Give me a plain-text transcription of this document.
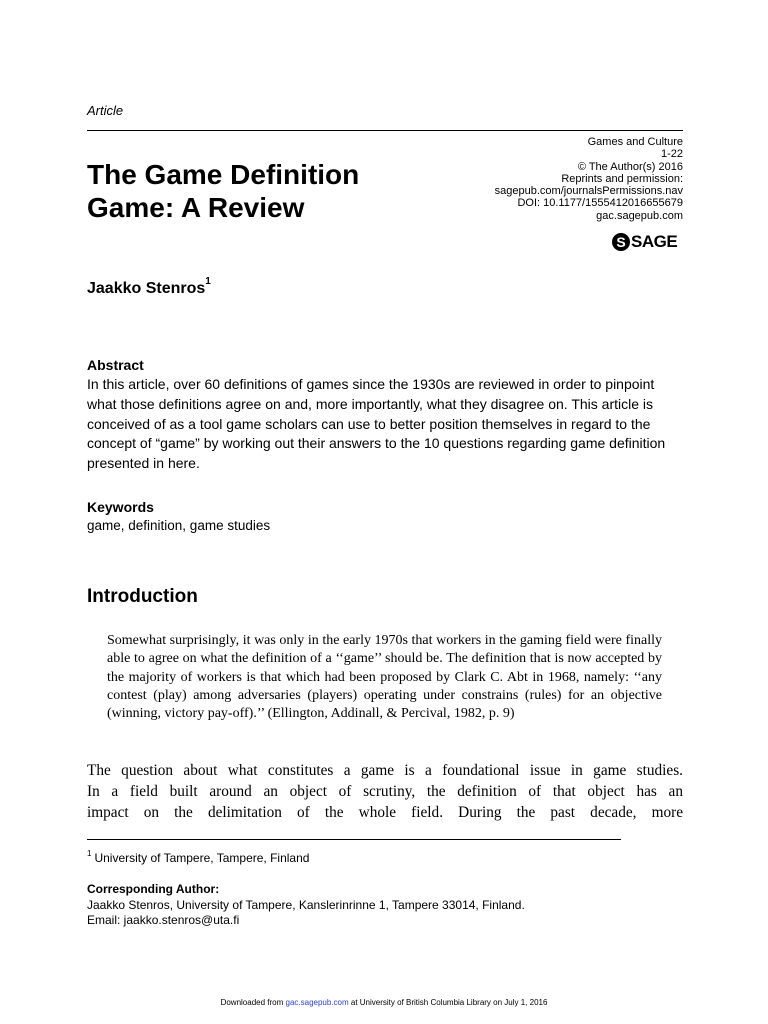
Article
The Game Definition
Game: A Review
Games and Culture
1-22
© The Author(s) 2016
Reprints and permission:
sagepub.com/journalsPermissions.nav
DOI: 10.1177/1555412016655679
gac.sagepub.com
S SAGE
Jaakko Stenros$^1$
Abstract
In this article, over 60 definitions of games since the 1930s are reviewed in order to pinpoint what those definitions agree on and, more importantly, what they disagree on. This article is conceived of as a tool game scholars can use to better position themselves in regard to the concept of “game” by working out their answers to the 10 questions regarding game definition presented in here.
Keywords
game, definition, game studies
Introduction
Somewhat surprisingly, it was only in the early 1970s that workers in the gaming field were finally able to agree on what the definition of a ‘‘game’’ should be. The definition that is now accepted by the majority of workers is that which had been proposed by Clark C. Abt in 1968, namely: ‘‘any contest (play) among adversaries (players) operating under constrains (rules) for an objective (winning, victory pay-off).’’ (Ellington, Addinall, & Percival, 1982, p. 9)
The question about what constitutes a game is a foundational issue in game studies.
In a field built around an object of scrutiny, the definition of that object has an
impact on the delimitation of the whole field. During the past decade, more
$^1$ University of Tampere, Tampere, Finland
Corresponding Author:
Jaakko Stenros, University of Tampere, Kanslerinrinne 1, Tampere 33014, Finland.
Email: jaakko.stenros@uta.fi
Downloaded from gac.sagepub.com at University of British Columbia Library on July 1, 2016
